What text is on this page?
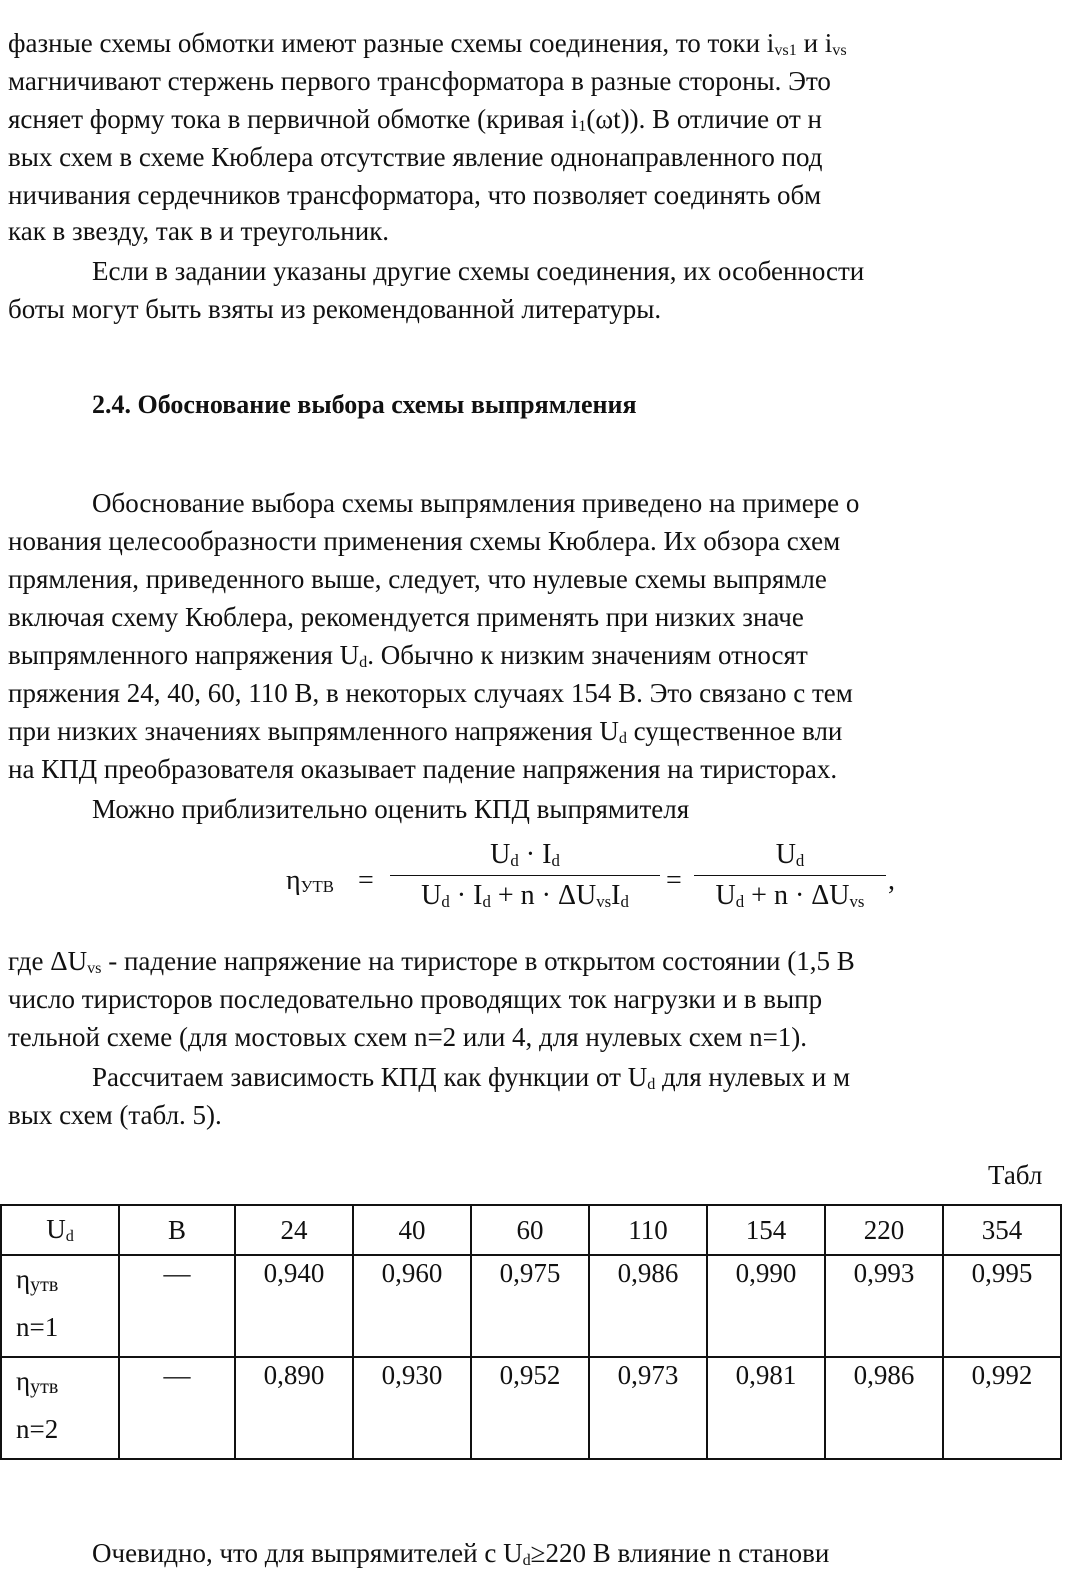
фазные схемы обмотки имеют разные схемы соединения, то токи $i_{vs1}$ и $i_{vs}$
магничивают стержень первого трансформатора в разные стороны. Это
ясняет форму тока в первичной обмотке (кривая $i_1(\omega t)$). В отличие от н
вых схем в схеме Кюблера отсутствие явление однонаправленного под
ничивания сердечников трансформатора, что позволяет соединять обм
как в звезду, так в и треугольник.
Если в задании указаны другие схемы соединения, их особенности
боты могут быть взяты из рекомендованной литературы.
2.4. Обоснование выбора схемы выпрямления
Обоснование выбора схемы выпрямления приведено на примере о
нования целесообразности применения схемы Кюблера. Их обзора схем
прямления, приведенного выше, следует, что нулевые схемы выпрямле
включая схему Кюблера, рекомендуется применять при низких значе
выпрямленного напряжения $U_d$. Обычно к низким значениям относят
пряжения 24, 40, 60, 110 В, в некоторых случаях 154 В. Это связано с тем
при низких значениях выпрямленного напряжения $U_d$ существенное вли
на КПД преобразователя оказывает падение напряжения на тиристорах.
Можно приблизительно оценить КПД выпрямителя
$\eta_{УТВ}$ =
$U_d \cdot I_d$
$U_d \cdot I_d + n \cdot \Delta U_{vs}I_d$
=
$U_d$
$U_d + n \cdot \Delta U_{vs}$
,
где $\Delta U_{vs}$ - падение напряжение на тиристоре в открытом состоянии (1,5 В
число тиристоров последовательно проводящих ток нагрузки и в выпр
тельной схеме (для мостовых схем n=2 или 4, для нулевых схем n=1).
Рассчитаем зависимость КПД как функции от $U_d$ для нулевых и м
вых схем (табл. 5).
Табл
$U_d$	B	24	40	60	110	154	220	354
$\eta_{утв}$
n=1	—	0,940	0,960	0,975	0,986	0,990	0,993	0,995
$\eta_{утв}$
n=2	—	0,890	0,930	0,952	0,973	0,981	0,986	0,992
Очевидно, что для выпрямителей с $U_d\ge 220$ В влияние n станови
